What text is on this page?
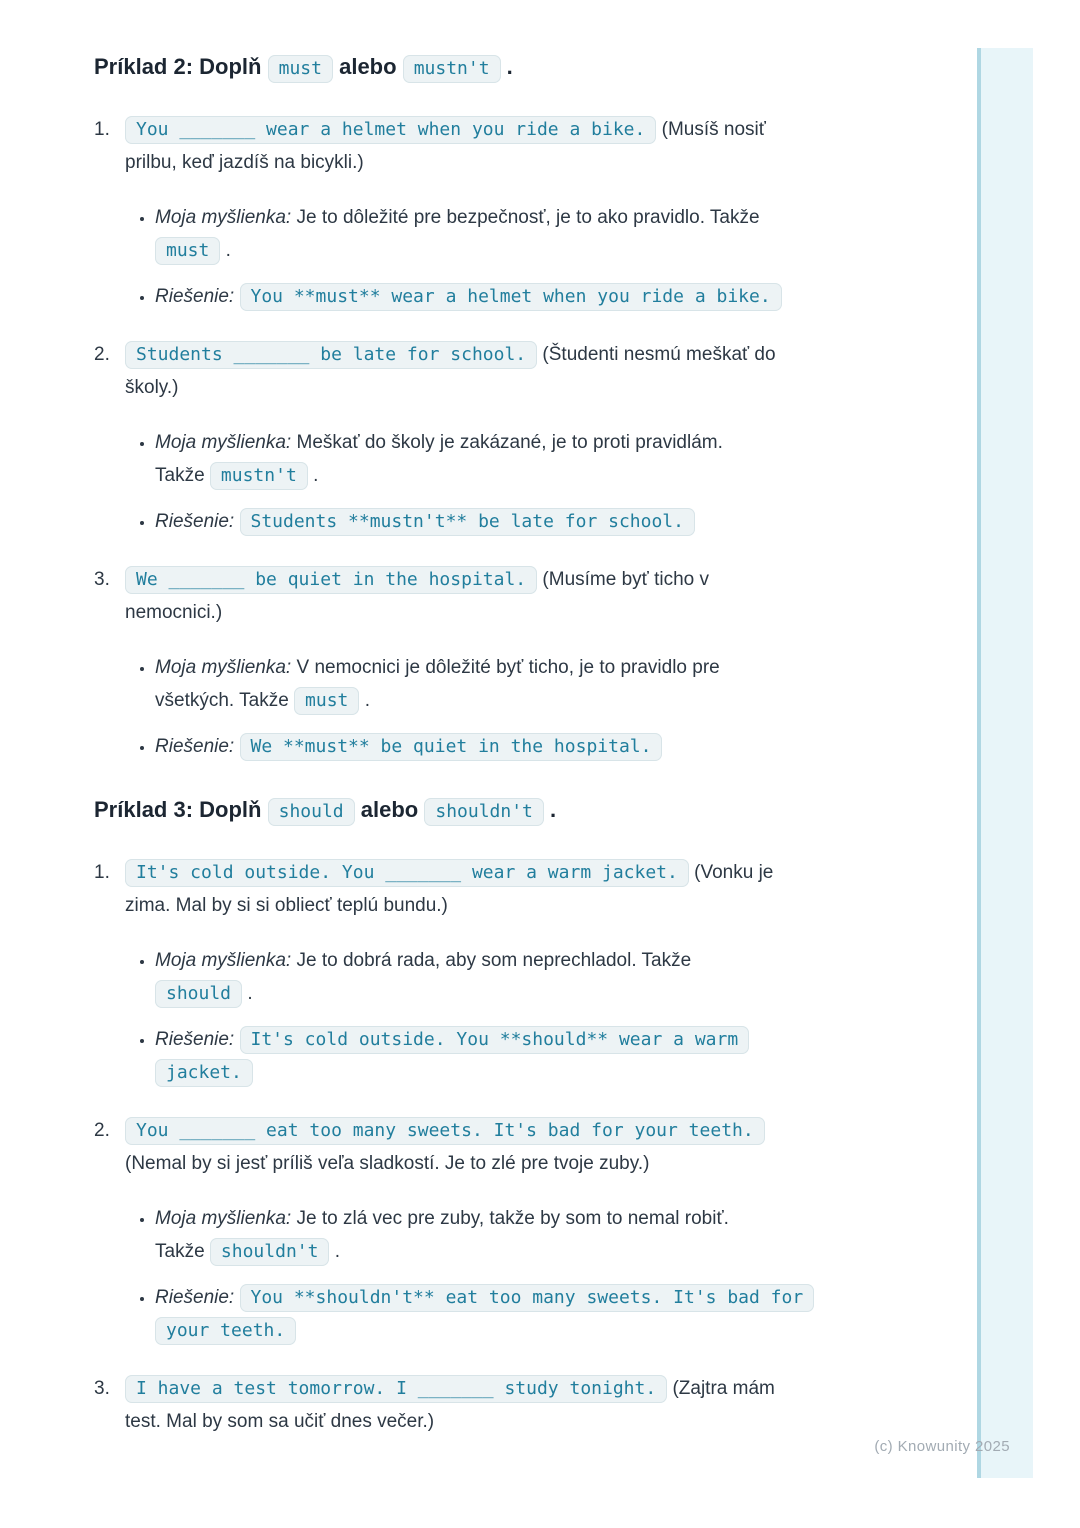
Príklad 2: Doplň must alebo mustn't .
1.	You _______ wear a helmet when you ride a bike. (Musíš nosiť
prilbu, keď jazdíš na bicykli.)

• Moja myšlienka: Je to dôležité pre bezpečnosť, je to ako pravidlo. Takže
must .

• Riešenie: You **must** wear a helmet when you ride a bike.

2.	Students _______ be late for school. (Študenti nesmú meškať do
školy.)

• Moja myšlienka: Meškať do školy je zakázané, je to proti pravidlám.
Takže mustn't .

• Riešenie: Students **mustn't** be late for school.

3.	We _______ be quiet in the hospital. (Musíme byť ticho v
nemocnici.)

• Moja myšlienka: V nemocnici je dôležité byť ticho, je to pravidlo pre
všetkých. Takže must .

• Riešenie: We **must** be quiet in the hospital.

Príklad 3: Doplň should alebo shouldn't .
1.	It's cold outside. You _______ wear a warm jacket. (Vonku je
zima. Mal by si si obliecť teplú bundu.)

• Moja myšlienka: Je to dobrá rada, aby som neprechladol. Takže
should .

• Riešenie: It's cold outside. You **should** wear a warm
jacket.

2.	You _______ eat too many sweets. It's bad for your teeth.
(Nemal by si jesť príliš veľa sladkostí. Je to zlé pre tvoje zuby.)

• Moja myšlienka: Je to zlá vec pre zuby, takže by som to nemal robiť.
Takže shouldn't .

• Riešenie: You **shouldn't** eat too many sweets. It's bad for
your teeth.

3.	I have a test tomorrow. I _______ study tonight. (Zajtra mám
test. Mal by som sa učiť dnes večer.)

(c) Knowunity 2025
